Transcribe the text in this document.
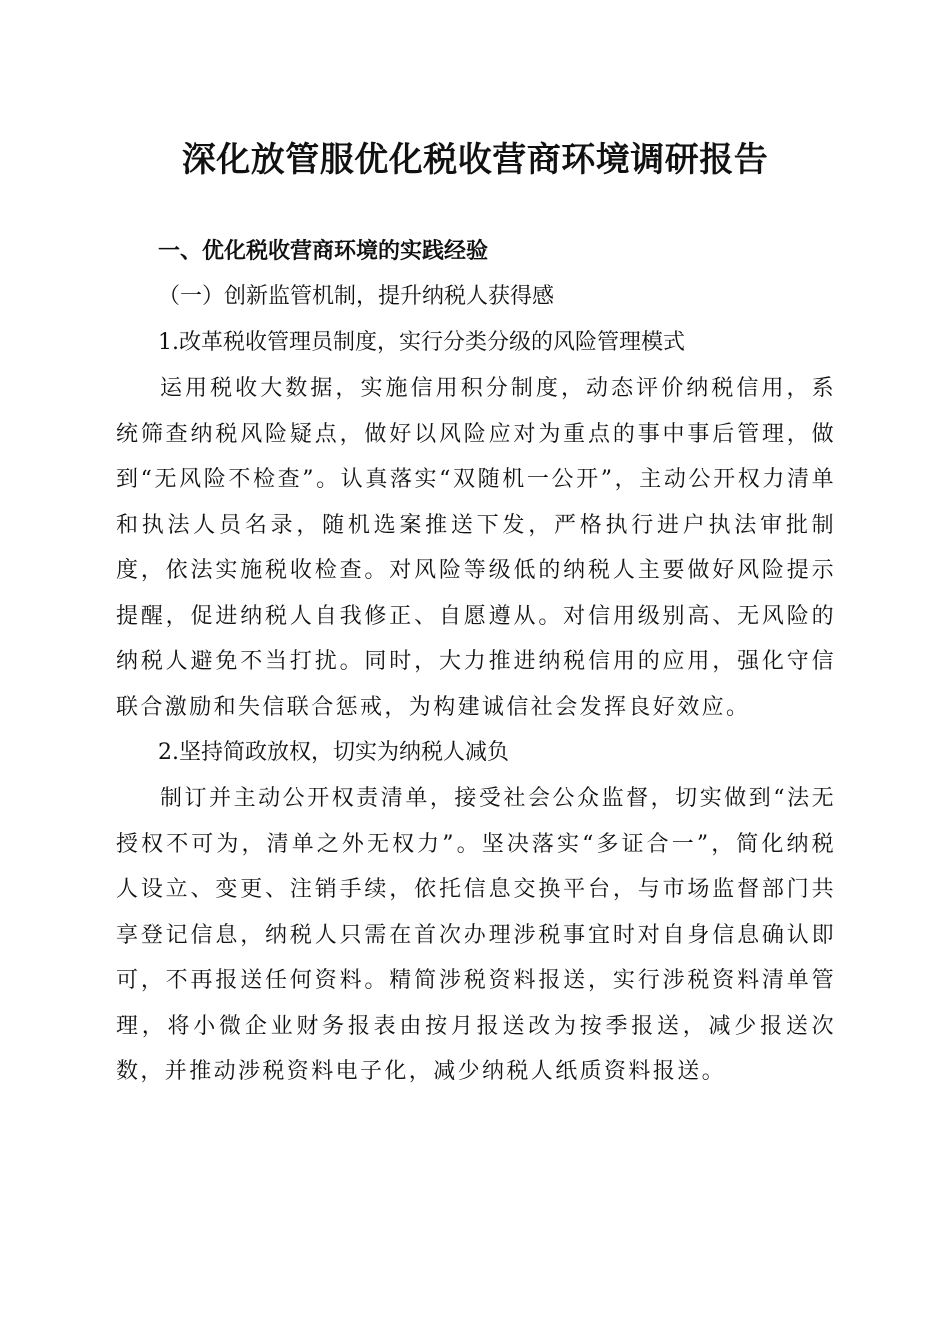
深化放管服优化税收营商环境调研报告

一、优化税收营商环境的实践经验

（一）创新监管机制，提升纳税人获得感

1.改革税收管理员制度，实行分类分级的风险管理模式

运用税收大数据，实施信用积分制度，动态评价纳税信用，系统筛查纳税风险疑点，做好以风险应对为重点的事中事后管理，做到“无风险不检查”。认真落实“双随机一公开”，主动公开权力清单和执法人员名录，随机选案推送下发，严格执行进户执法审批制度，依法实施税收检查。对风险等级低的纳税人主要做好风险提示提醒，促进纳税人自我修正、自愿遵从。对信用级别高、无风险的纳税人避免不当打扰。同时，大力推进纳税信用的应用，强化守信联合激励和失信联合惩戒，为构建诚信社会发挥良好效应。

2.坚持简政放权，切实为纳税人减负

制订并主动公开权责清单，接受社会公众监督，切实做到“法无授权不可为，清单之外无权力”。坚决落实“多证合一”，简化纳税人设立、变更、注销手续，依托信息交换平台，与市场监督部门共享登记信息，纳税人只需在首次办理涉税事宜时对自身信息确认即可，不再报送任何资料。精简涉税资料报送，实行涉税资料清单管理，将小微企业财务报表由按月报送改为按季报送，减少报送次数，并推动涉税资料电子化，减少纳税人纸质资料报送。
